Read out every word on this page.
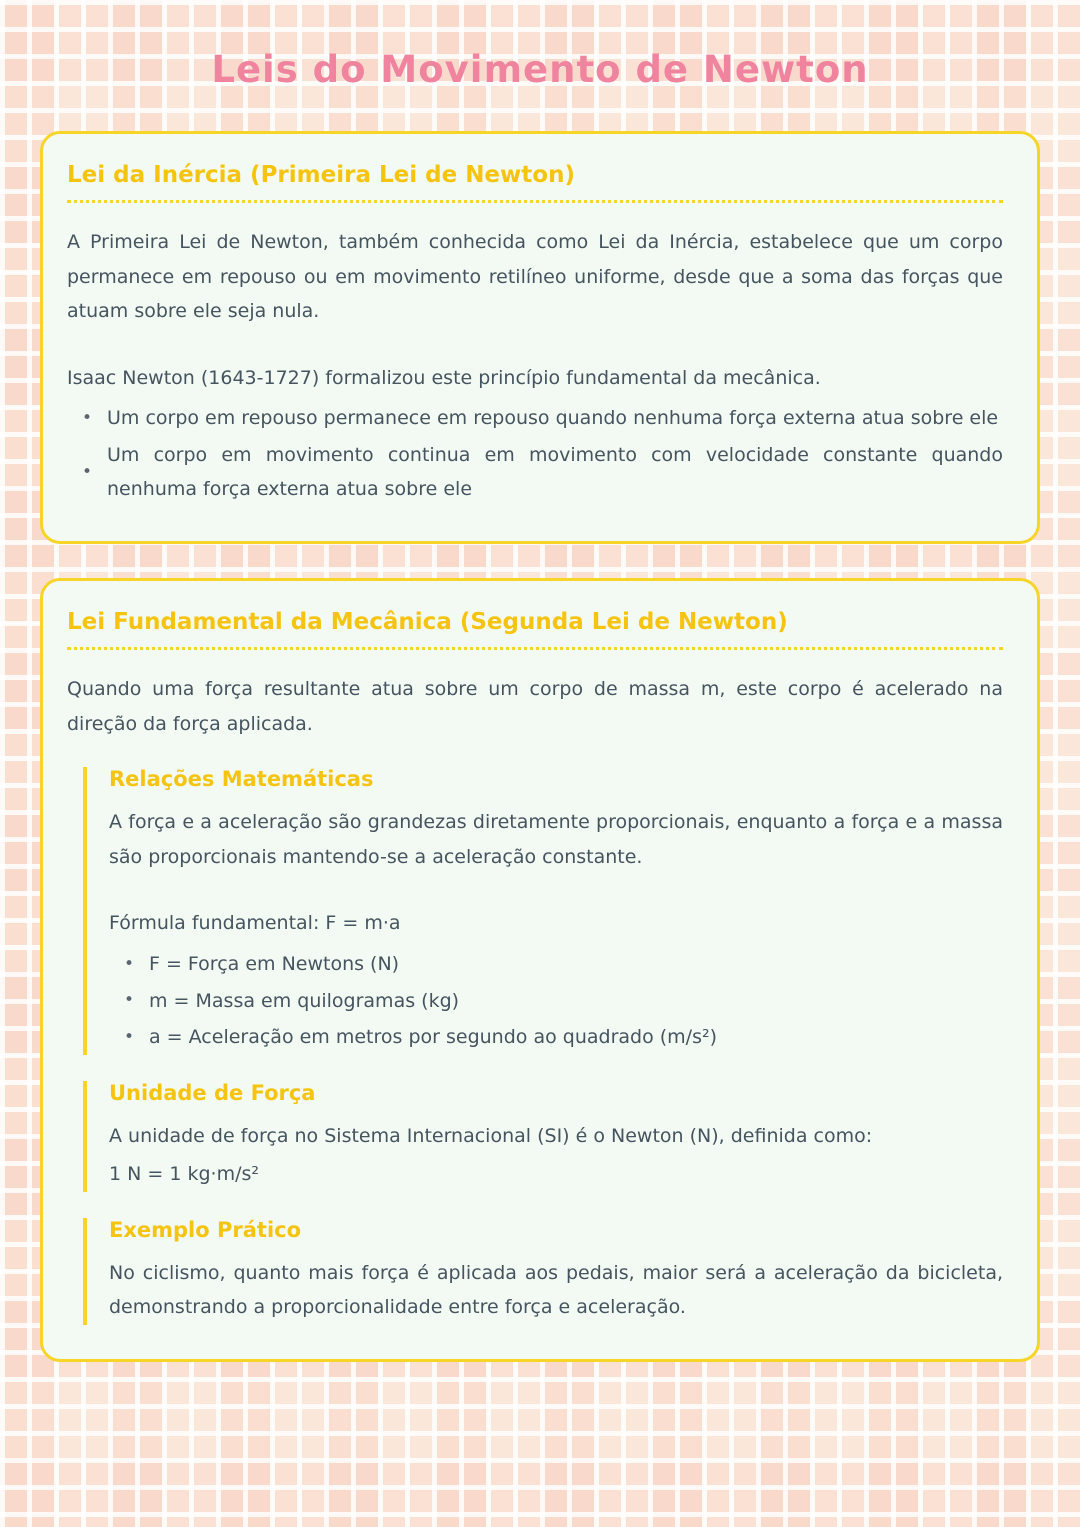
Leis do Movimento de Newton
Lei da Inércia (Primeira Lei de Newton)

A Primeira Lei de Newton, também conhecida como Lei da Inércia, estabelece que um corpo permanece em repouso ou em movimento retilíneo uniforme, desde que a soma das forças que atuam sobre ele seja nula.

Isaac Newton (1643-1727) formalizou este princípio fundamental da mecânica.

• Um corpo em repouso permanece em repouso quando nenhuma força externa atua sobre ele
•
Um corpo em movimento continua em movimento com velocidade constante quando nenhuma força externa atua sobre ele
Lei Fundamental da Mecânica (Segunda Lei de Newton)

Quando uma força resultante atua sobre um corpo de massa m, este corpo é acelerado na direção da força aplicada.

Relações Matemáticas

A força e a aceleração são grandezas diretamente proporcionais, enquanto a força e a massa são proporcionais mantendo-se a aceleração constante.

Fórmula fundamental: F = m·a

• F = Força em Newtons (N)
• m = Massa em quilogramas (kg)
• a = Aceleração em metros por segundo ao quadrado (m/s²)
Unidade de Força

A unidade de força no Sistema Internacional (SI) é o Newton (N), definida como:

1 N = 1 kg·m/s²

Exemplo Prático

No ciclismo, quanto mais força é aplicada aos pedais, maior será a aceleração da bicicleta, demonstrando a proporcionalidade entre força e aceleração.
